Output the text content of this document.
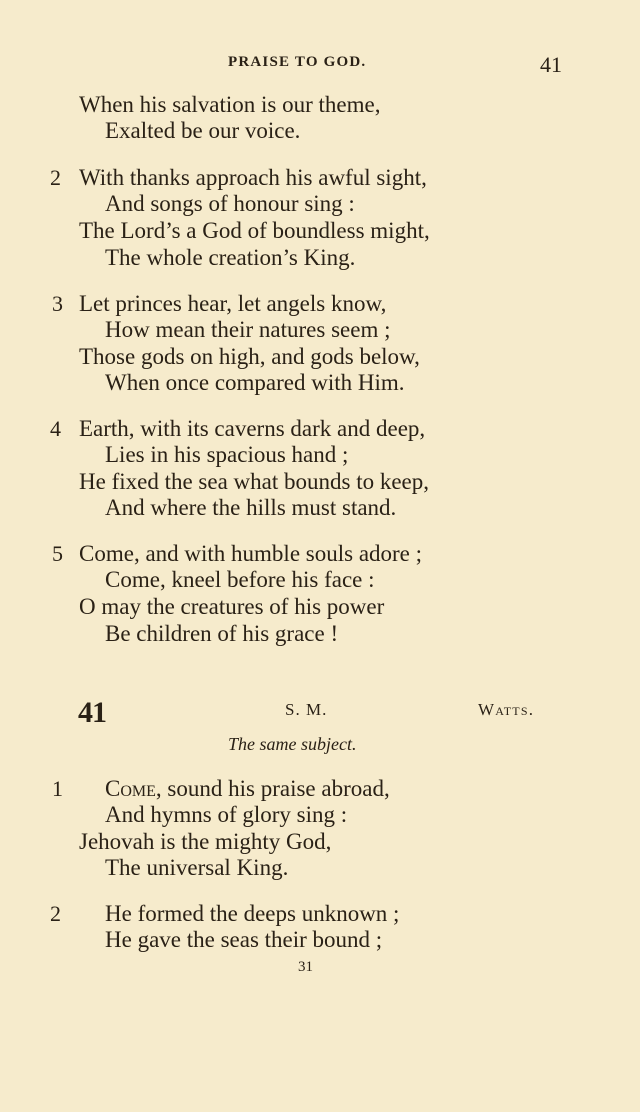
PRAISE TO GOD.	41
When his salvation is our theme,
Exalted be our voice.
2 With thanks approach his awful sight,
And songs of honour sing :
The Lord’s a God of boundless might,
The whole creation’s King.
3 Let princes hear, let angels know,
How mean their natures seem ;
Those gods on high, and gods below,
When once compared with Him.
4 Earth, with its caverns dark and deep,
Lies in his spacious hand ;
He fixed the sea what bounds to keep,
And where the hills must stand.
5 Come, and with humble souls adore ;
Come, kneel before his face :
O may the creatures of his power
Be children of his grace !
41	S. M.	Watts.
The same subject.
1 Come, sound his praise abroad,
And hymns of glory sing :
Jehovah is the mighty God,
The universal King.
2 He formed the deeps unknown ;
He gave the seas their bound ;
31
